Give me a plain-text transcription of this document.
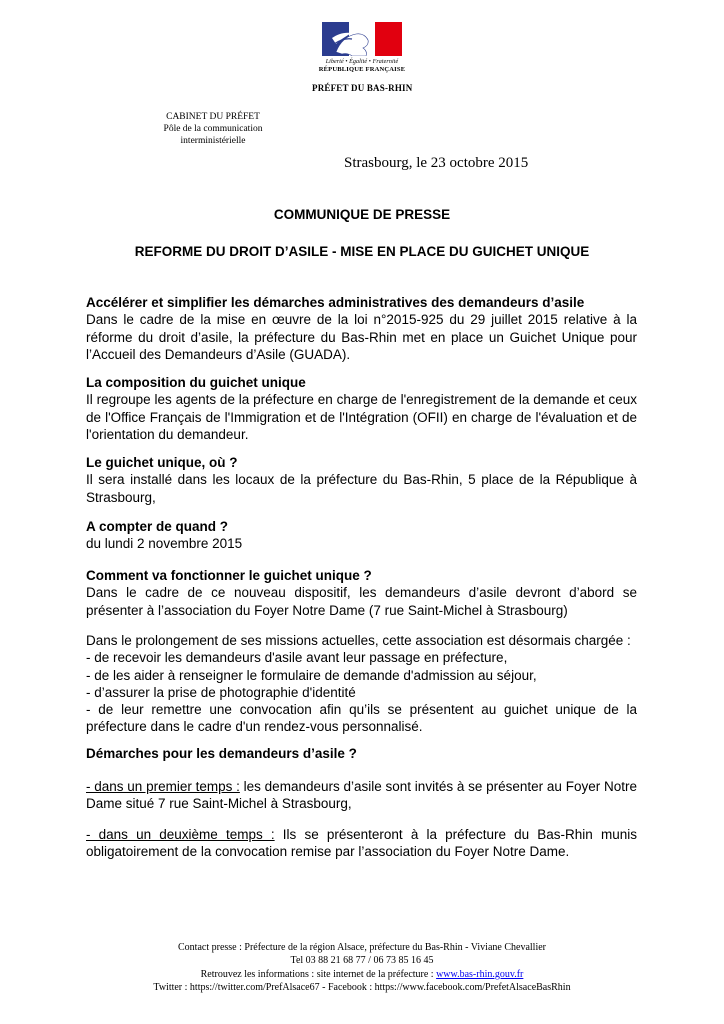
Liberté • Égalité • Fraternité
RÉPUBLIQUE FRANÇAISE
PRÉFET DU BAS-RHIN
CABINET DU PRÉFET
Pôle de la communication
interministérielle
Strasbourg, le 23 octobre 2015
COMMUNIQUE DE PRESSE
REFORME DU DROIT D’ASILE - MISE EN PLACE DU GUICHET UNIQUE

Accélérer et simplifier les démarches administratives des demandeurs d’asile

Dans le cadre de la mise en œuvre de la loi n°2015-925 du 29 juillet 2015 relative à la réforme du droit d’asile, la préfecture du Bas-Rhin met en place un Guichet Unique pour l’Accueil des Demandeurs d’Asile (GUADA).

La composition du guichet unique

Il regroupe les agents de la préfecture en charge de l'enregistrement de la demande et ceux de l'Office Français de l'Immigration et de l'Intégration (OFII) en charge de l'évaluation et de l'orientation du demandeur.

Le guichet unique, où ?

Il sera installé dans les locaux de la préfecture du Bas-Rhin, 5 place de la République à Strasbourg,

A compter de quand ?

du lundi 2 novembre 2015

Comment va fonctionner le guichet unique ?

Dans le cadre de ce nouveau dispositif, les demandeurs d’asile devront d’abord se présenter à l’association du Foyer Notre Dame (7 rue Saint-Michel à Strasbourg)

Dans le prolongement de ses missions actuelles, cette association est désormais chargée :

- de recevoir les demandeurs d'asile avant leur passage en préfecture,

- de les aider à renseigner le formulaire de demande d'admission au séjour,

- d’assurer la prise de photographie d'identité

- de leur remettre une convocation afin qu’ils se présentent au guichet unique de la préfecture dans le cadre d'un rendez-vous personnalisé.

Démarches pour les demandeurs d’asile ?

- dans un premier temps : les demandeurs d’asile sont invités à se présenter au Foyer Notre Dame situé 7 rue Saint-Michel à Strasbourg,
- dans un deuxième temps : Ils se présenteront à la préfecture du Bas-Rhin munis obligatoirement de la convocation remise par l’association du Foyer Notre Dame.
Contact presse : Préfecture de la région Alsace, préfecture du Bas-Rhin - Viviane Chevallier
Tel 03 88 21 68 77 / 06 73 85 16 45
Retrouvez les informations : site internet de la préfecture : www.bas-rhin.gouv.fr
Twitter : https://twitter.com/PrefAlsace67 - Facebook : https://www.facebook.com/PrefetAlsaceBasRhin
